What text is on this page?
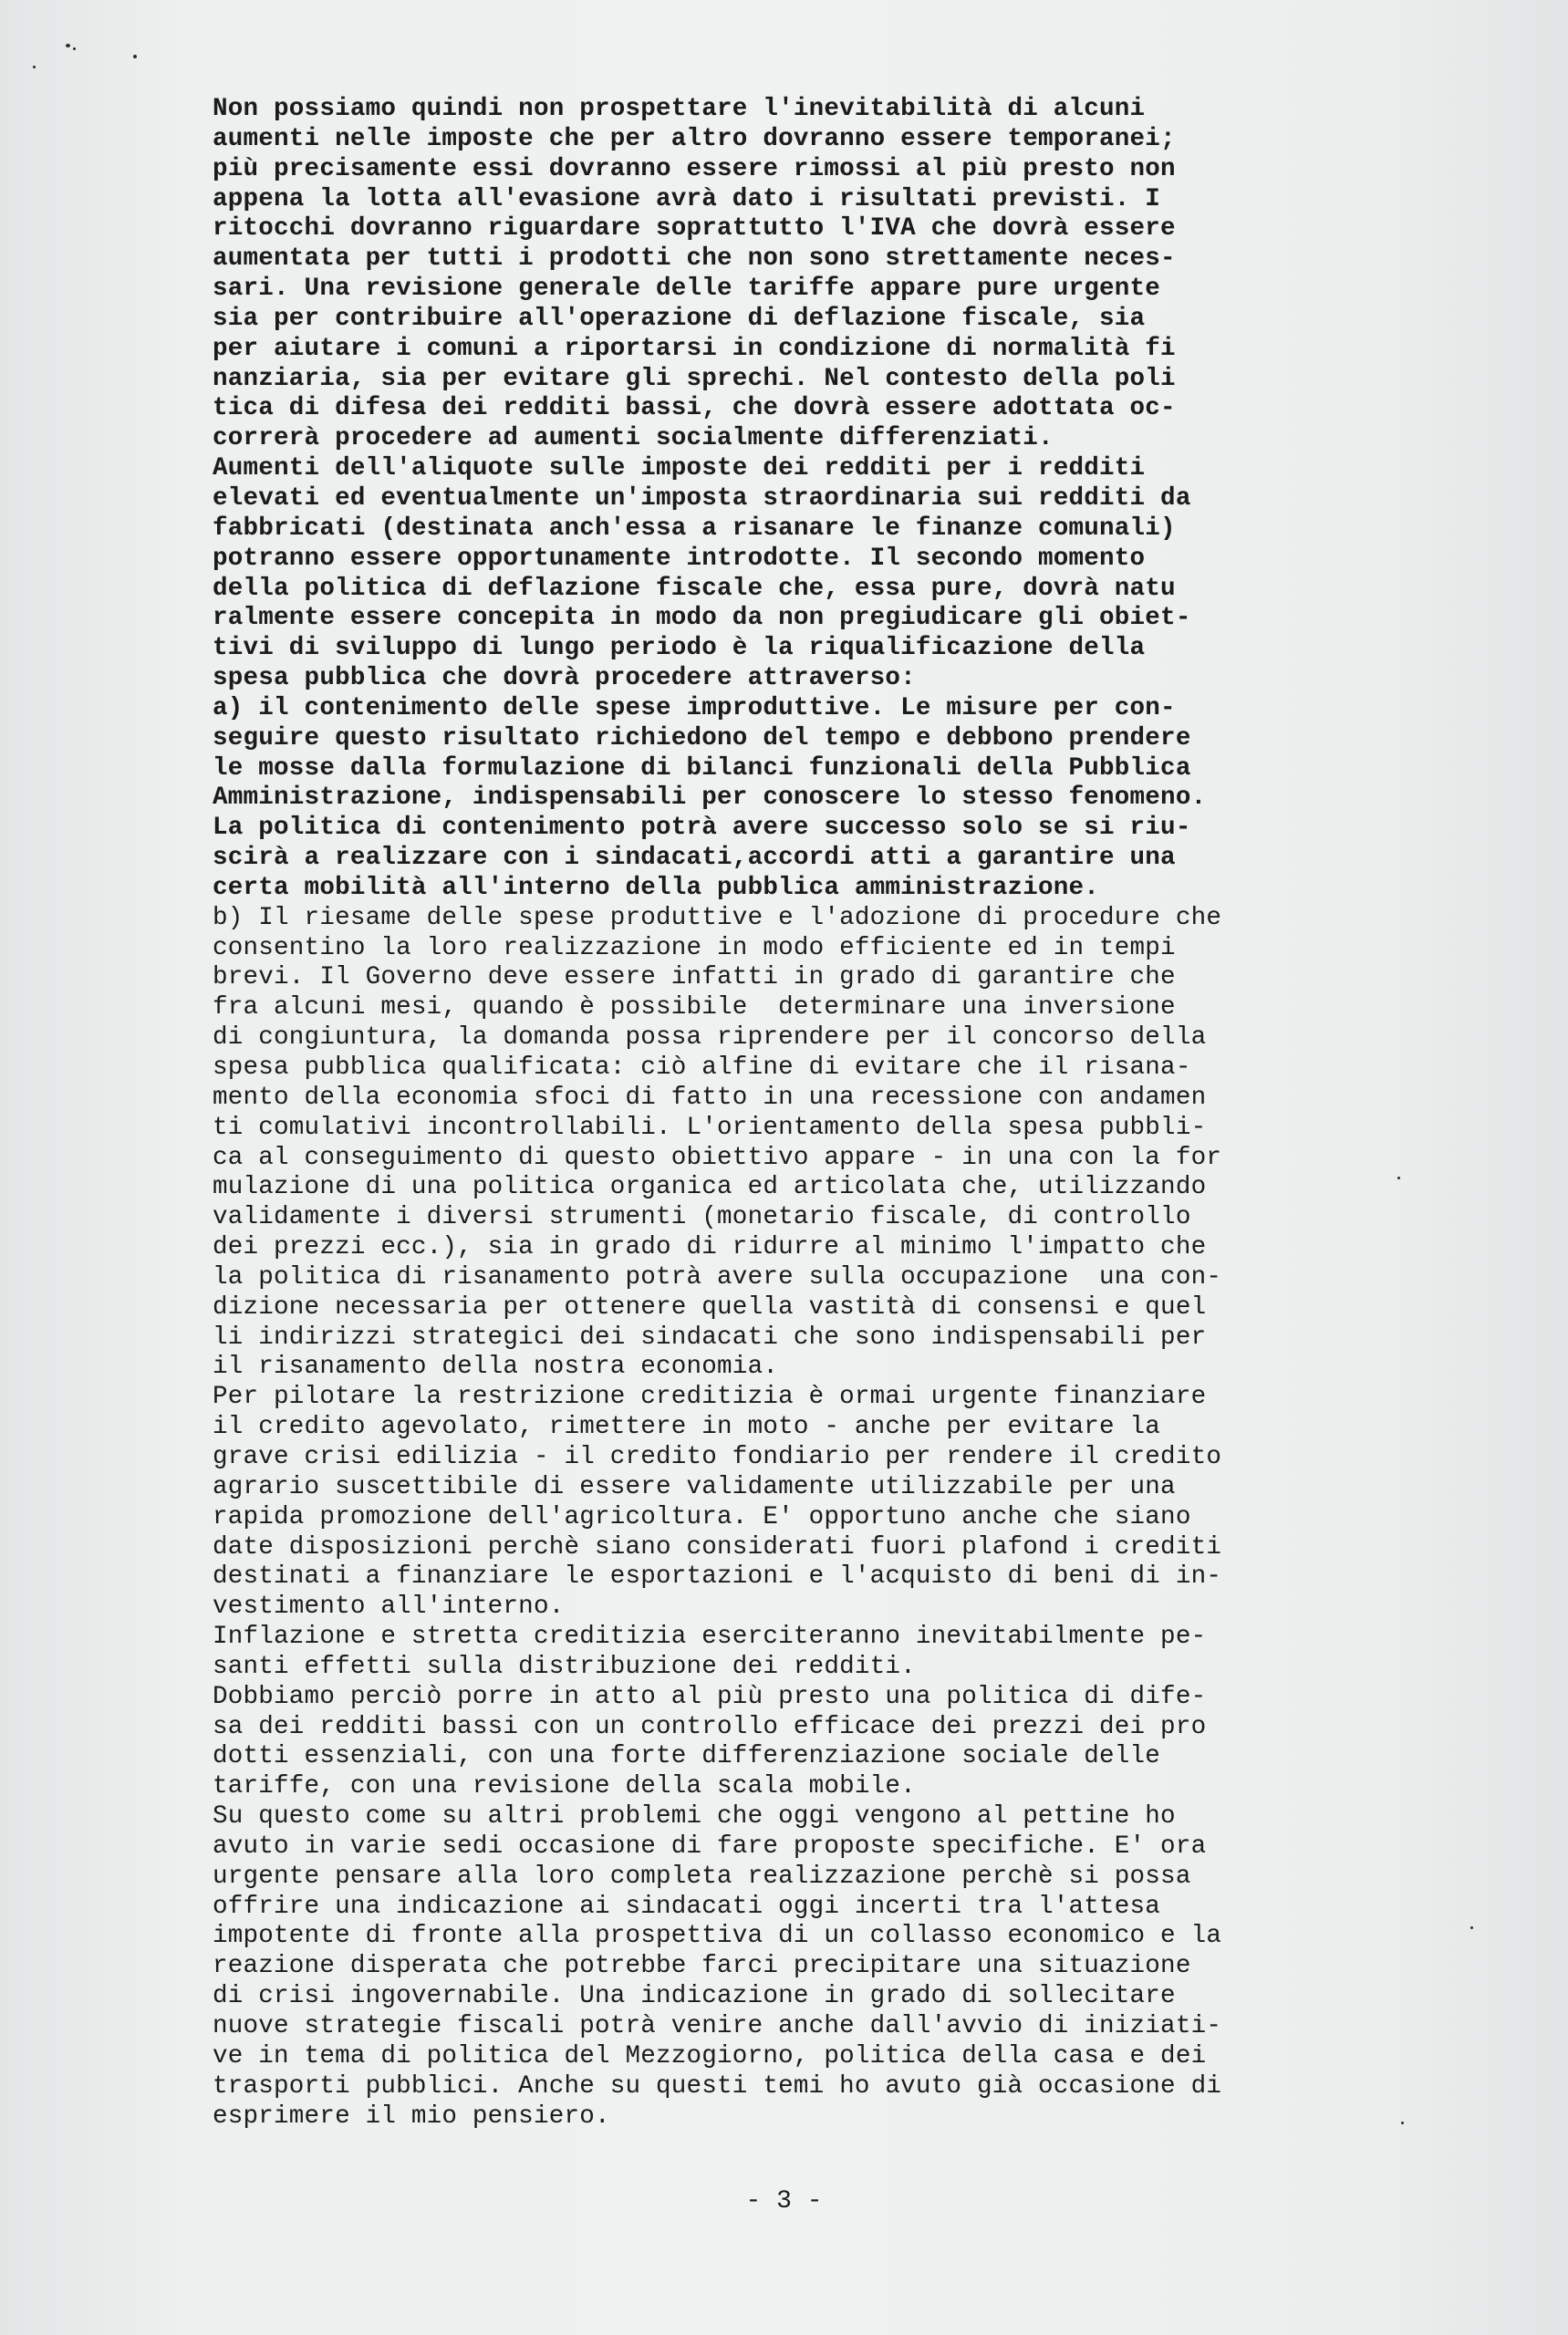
Non possiamo quindi non prospettare l'inevitabilità di alcuni
aumenti nelle imposte che per altro dovranno essere temporanei;
più precisamente essi dovranno essere rimossi al più presto non
appena la lotta all'evasione avrà dato i risultati previsti. I
ritocchi dovranno riguardare soprattutto l'IVA che dovrà essere
aumentata per tutti i prodotti che non sono strettamente neces-
sari. Una revisione generale delle tariffe appare pure urgente
sia per contribuire all'operazione di deflazione fiscale, sia
per aiutare i comuni a riportarsi in condizione di normalità fi
nanziaria, sia per evitare gli sprechi. Nel contesto della poli
tica di difesa dei redditi bassi, che dovrà essere adottata oc-
correrà procedere ad aumenti socialmente differenziati.
Aumenti dell'aliquote sulle imposte dei redditi per i redditi
elevati ed eventualmente un'imposta straordinaria sui redditi da
fabbricati (destinata anch'essa a risanare le finanze comunali)
potranno essere opportunamente introdotte. Il secondo momento
della politica di deflazione fiscale che, essa pure, dovrà natu
ralmente essere concepita in modo da non pregiudicare gli obiet-
tivi di sviluppo di lungo periodo è la riqualificazione della
spesa pubblica che dovrà procedere attraverso:
a) il contenimento delle spese improduttive. Le misure per con-
seguire questo risultato richiedono del tempo e debbono prendere
le mosse dalla formulazione di bilanci funzionali della Pubblica
Amministrazione, indispensabili per conoscere lo stesso fenomeno.
La politica di contenimento potrà avere successo solo se si riu-
scirà a realizzare con i sindacati,accordi atti a garantire una
certa mobilità all'interno della pubblica amministrazione.
b) Il riesame delle spese produttive e l'adozione di procedure che
consentino la loro realizzazione in modo efficiente ed in tempi
brevi. Il Governo deve essere infatti in grado di garantire che
fra alcuni mesi, quando è possibile  determinare una inversione
di congiuntura, la domanda possa riprendere per il concorso della
spesa pubblica qualificata: ciò alfine di evitare che il risana-
mento della economia sfoci di fatto in una recessione con andamen
ti comulativi incontrollabili. L'orientamento della spesa pubbli-
ca al conseguimento di questo obiettivo appare - in una con la for
mulazione di una politica organica ed articolata che, utilizzando
validamente i diversi strumenti (monetario fiscale, di controllo
dei prezzi ecc.), sia in grado di ridurre al minimo l'impatto che
la politica di risanamento potrà avere sulla occupazione  una con-
dizione necessaria per ottenere quella vastità di consensi e quel
li indirizzi strategici dei sindacati che sono indispensabili per
il risanamento della nostra economia.
Per pilotare la restrizione creditizia è ormai urgente finanziare
il credito agevolato, rimettere in moto - anche per evitare la
grave crisi edilizia - il credito fondiario per rendere il credito
agrario suscettibile di essere validamente utilizzabile per una
rapida promozione dell'agricoltura. E' opportuno anche che siano
date disposizioni perchè siano considerati fuori plafond i crediti
destinati a finanziare le esportazioni e l'acquisto di beni di in-
vestimento all'interno.
Inflazione e stretta creditizia eserciteranno inevitabilmente pe-
santi effetti sulla distribuzione dei redditi.
Dobbiamo perciò porre in atto al più presto una politica di dife-
sa dei redditi bassi con un controllo efficace dei prezzi dei pro
dotti essenziali, con una forte differenziazione sociale delle
tariffe, con una revisione della scala mobile.
Su questo come su altri problemi che oggi vengono al pettine ho
avuto in varie sedi occasione di fare proposte specifiche. E' ora
urgente pensare alla loro completa realizzazione perchè si possa
offrire una indicazione ai sindacati oggi incerti tra l'attesa
impotente di fronte alla prospettiva di un collasso economico e la
reazione disperata che potrebbe farci precipitare una situazione
di crisi ingovernabile. Una indicazione in grado di sollecitare
nuove strategie fiscali potrà venire anche dall'avvio di iniziati-
ve in tema di politica del Mezzogiorno, politica della casa e dei
trasporti pubblici. Anche su questi temi ho avuto già occasione di
esprimere il mio pensiero.
- 3 -
